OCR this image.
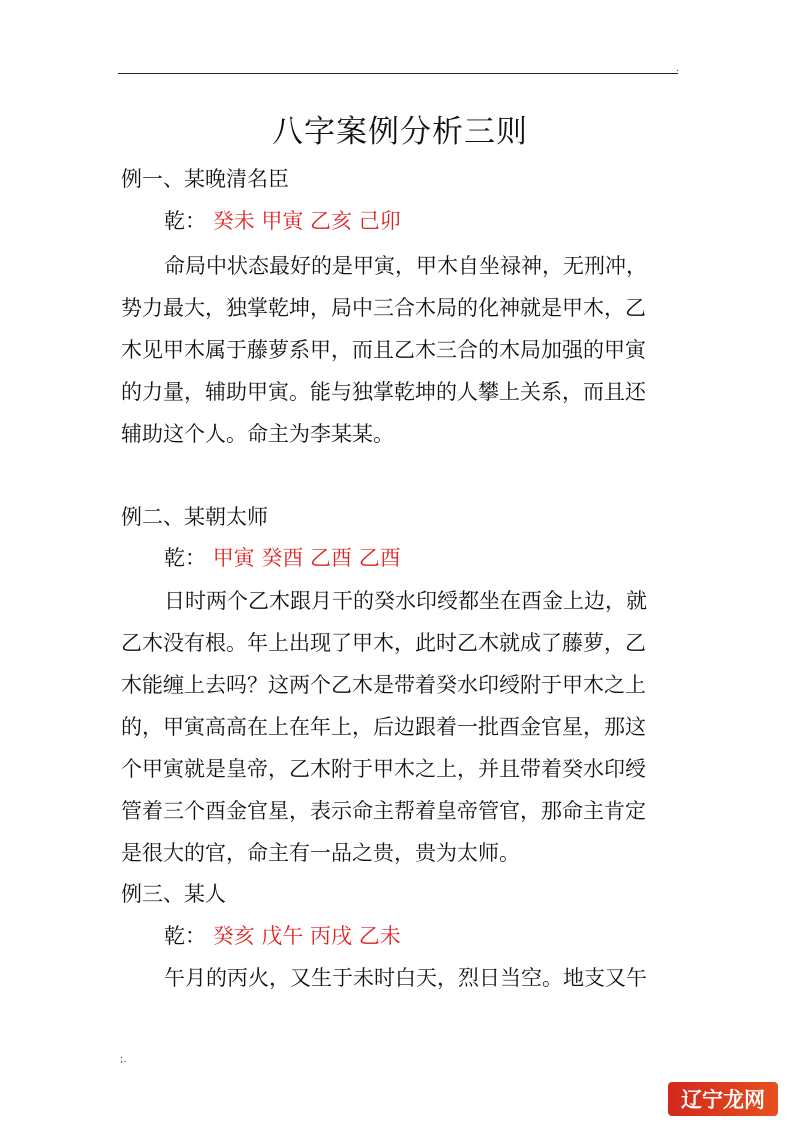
.
八字案例分析三则
例一、某晚清名臣
乾： 癸未 甲寅 乙亥 己卯
命局中状态最好的是甲寅，甲木自坐禄神，无刑冲，
势力最大，独掌乾坤，局中三合木局的化神就是甲木，乙
木见甲木属于藤萝系甲，而且乙木三合的木局加强的甲寅
的力量，辅助甲寅。能与独掌乾坤的人攀上关系，而且还
辅助这个人。命主为李某某。
例二、某朝太师
乾： 甲寅 癸酉 乙酉 乙酉
日时两个乙木跟月干的癸水印绶都坐在酉金上边，就
乙木没有根。年上出现了甲木，此时乙木就成了藤萝，乙
木能缠上去吗？这两个乙木是带着癸水印绶附于甲木之上
的，甲寅高高在上在年上，后边跟着一批酉金官星，那这
个甲寅就是皇帝，乙木附于甲木之上，并且带着癸水印绶
管着三个酉金官星，表示命主帮着皇帝管官，那命主肯定
是很大的官，命主有一品之贵，贵为太师。
例三、某人
乾： 癸亥 戊午 丙戌 乙未
午月的丙火，又生于未时白天，烈日当空。地支又午
;.
辽宁龙网
